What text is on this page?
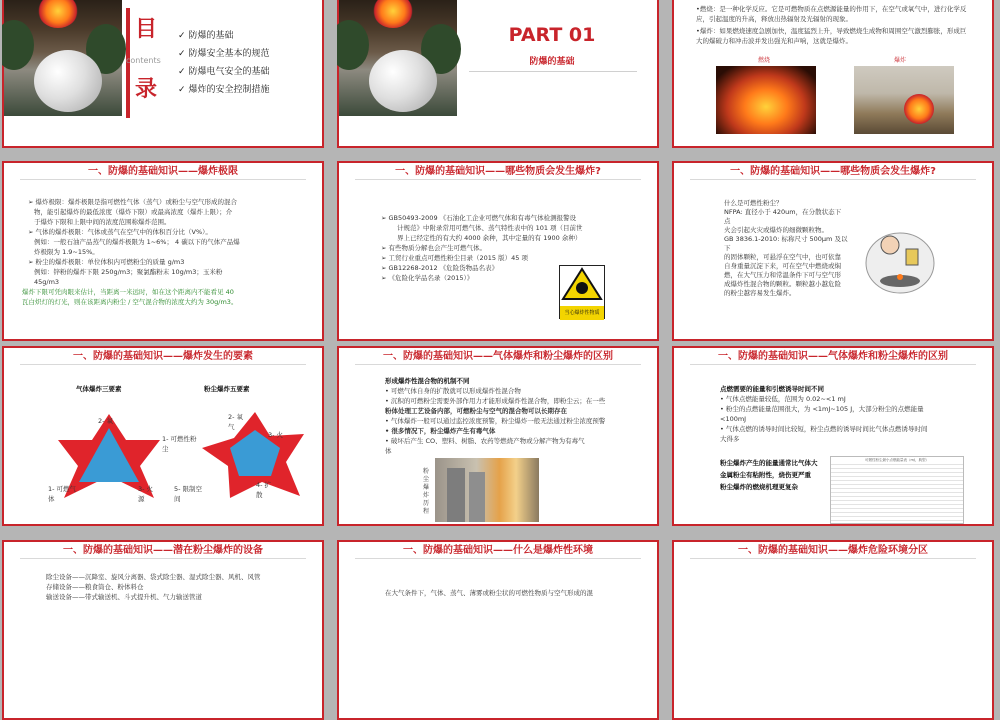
目
contents
录
✓ 防爆的基础
✓ 防爆安全基本的规范
✓ 防爆电气安全的基础
✓ 爆炸的安全控制措施
PART 01
防爆的基础
•燃烧：是一种化学反应。它是可燃物质在点燃源能量的作用下，在空气或氧气中，进行化学反应，引起温度的升高，释放出热辐射及光辐射的现象。
•爆炸：如果燃烧速度急剧加快，温度猛烈上升，导致燃烧生成物和周围空气激烈膨胀，形成巨大的爆破力和冲击波并发出强光和声响，这就是爆炸。
燃烧	爆炸
一、防爆的基础知识——爆炸极限
➢ 爆炸极限：爆炸极限是指可燃性气体（蒸气）或粉尘与空气形成的混合
物，能引起爆炸的最低浓度（爆炸下限）或最高浓度（爆炸上限）；介
于爆炸下限和上限中间的浓度范围称爆炸范围。
➢ 气体的爆炸极限：气体或蒸气在空气中的体积百分比（V%）。
例如：一般石油产品蒸气的爆炸极限为 1~6%； 4 碳以下的气体产品爆
炸极限为 1.9~15%。
➢ 粉尘的爆炸极限：单位体积内可燃粉尘的质量 g/m3
例如：锌粉的爆炸下限 250g/m3；聚氯酯粉末 10g/m3；玉米粉
45g/m3
爆炸下限可凭肉眼来估计，当距离一米远时，如在这个距离内不能看见 40
瓦白炽灯的灯光，则在该距离内粉尘 / 空气混合物的浓度大约为 30g/m3。
一、防爆的基础知识——哪些物质会发生爆炸?
➢ GB50493-2009 《石油化工企业可燃气体和有毒气体检测报警设
计规范》中附录常用可燃气体、蒸气特性表中的 101 项（目前世
界上已经定性的有大约 4000 余种，其中定量的有 1900 余种）
➢ 有些物质分解也会产生可燃气体。
➢ 工贸行业重点可燃性粉尘目录（2015 版）45 项
➢ GB12268-2012 《危险货物品名表》
➢ 《危险化学品名录（2015）》
当心爆炸性物质
一、防爆的基础知识——哪些物质会发生爆炸?
什么是可燃性粉尘？
NFPA: 直径小于 420um，在分散状态下
点
火会引起火灾或爆炸的细微颗粒物。
GB 3836.1-2010: 标称尺寸 500μm 及以
下
的固体颗粒，可悬浮在空气中，也可依靠
自身重量沉淀下来，可在空气中燃烧或焖
燃，在大气压力和常温条件下可与空气形
成爆炸性混合物的颗粒。颗粒越小越危险
的粉尘越容易发生爆炸。
一、防爆的基础知识——爆炸发生的要素
气体爆炸三要素	粉尘爆炸五要素
2- 氧
1- 可燃性粉
尘
1- 可燃气
体
3- 火
源
2- 氧
气
3- 火
5- 限制空
间
4- 扩
散
一、防爆的基础知识——气体爆炸和粉尘爆炸的区别
形成爆炸性混合物的机制不同
• 可燃气体自身的扩散就可以形成爆炸性混合物
• 沉积的可燃粉尘需要外部作用力才能形成爆炸性混合物，即粉尘云；在一些
粉体处理工艺设备内部，可燃粉尘与空气的混合物可以长期存在
• 气体爆炸一般可以通过监控浓度预警，粉尘爆炸一般无法通过粉尘浓度预警
• 很多情况下，粉尘爆炸产生有毒气体
• 破坏后产生 CO、塑料、树脂、农药等燃烧产物或分解产物为有毒气
体
粉尘爆炸历程
一、防爆的基础知识——气体爆炸和粉尘爆炸的区别
点燃需要的能量和引燃诱导时间不同
• 气体点燃能量较低，范围为 0.02~<1 mJ
• 粉尘的点燃能量范围很大，为 <1mJ~105 J，大部分粉尘的点燃能量
<100mJ
• 气体点燃的诱导时间比较短，粉尘点燃的诱导时间比气体点燃诱导时间
大得多
粉尘爆炸产生的能量通常比气体大
金属粉尘有粘附性，烧伤更严重
粉尘爆炸的燃烧机理更复杂
可燃性粉尘最小点燃能量表（mJ，典型）
一、防爆的基础知识——潜在粉尘爆炸的设备
除尘设备——沉降室、旋风分离器、袋式除尘器、湿式除尘器、风机、风管
存储设备——粮食筒仓、粉体料仓
输送设备——带式输送机、斗式提升机、气力输送管道
一、防爆的基础知识——什么是爆炸性环境
在大气条件下，气体、蒸气、薄雾或粉尘状的可燃性物质与空气形成的混
一、防爆的基础知识——爆炸危险环境分区
